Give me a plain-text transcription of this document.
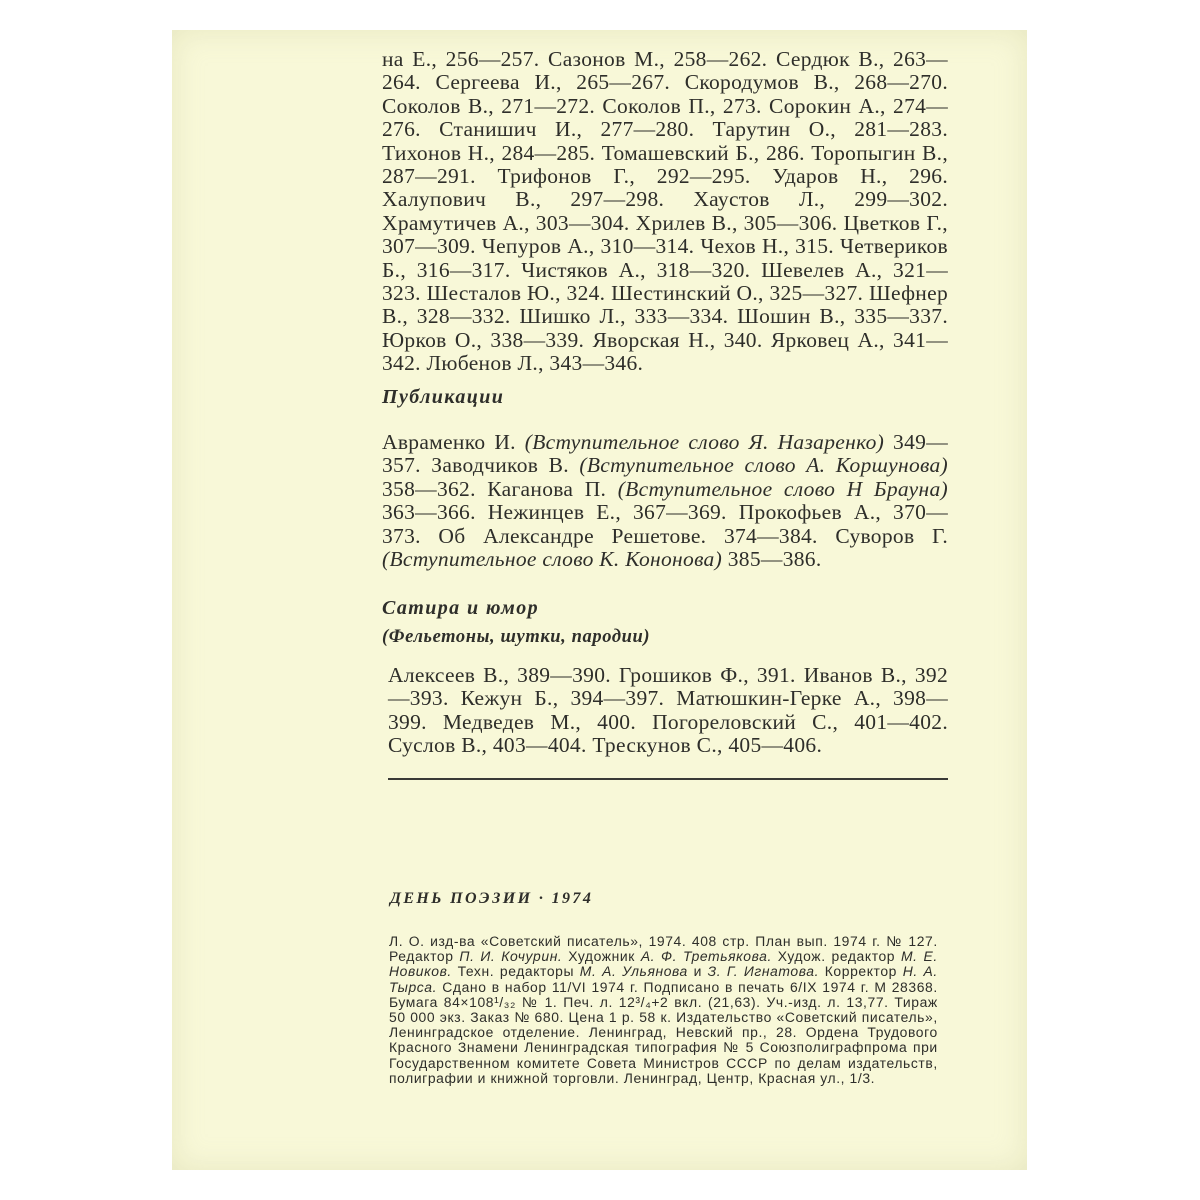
на Е., 256—257. Сазонов М., 258—262. Сердюк В., 263—264. Сергеева И., 265—267. Скородумов В., 268—270. Соколов В., 271—272. Соколов П., 273. Сорокин А., 274—276. Станишич И., 277—280. Тарутин О., 281—283. Тихонов Н., 284—285. Томашевский Б., 286. Торопыгин В., 287—291. Трифонов Г., 292—295. Ударов Н., 296. Халупович В., 297—298. Хаустов Л., 299—302. Храмутичев А., 303—304. Хрилев В., 305—306. Цветков Г., 307—309. Чепуров А., 310—314. Чехов Н., 315. Четвериков Б., 316—317. Чистяков А., 318—320. Шевелев А., 321—323. Шесталов Ю., 324. Шестинский О., 325—327. Шефнер В., 328—332. Шишко Л., 333—334. Шошин В., 335—337. Юрков О., 338—339. Яворская Н., 340. Ярковец А., 341—342. Любенов Л., 343—346.

Публикации

Авраменко И. (Вступительное слово Я. Назаренко) 349—357. Заводчиков В. (Вступительное слово А. Коршунова) 358—362. Каганова П. (Вступительное слово Н Брауна) 363—366. Нежинцев Е., 367—369. Прокофьев А., 370—373. Об Александре Решетове. 374—384. Суворов Г. (Вступительное слово К. Кононова) 385—386.

Сатира и юмор
(Фельетоны, шутки, пародии)

Алексеев В., 389—390. Грошиков Ф., 391. Иванов В., 392—393. Кежун Б., 394—397. Матюшкин-Герке А., 398—399. Медведев М., 400. Погореловский С., 401—402. Суслов В., 403—404. Трескунов С., 405—406.

ДЕНЬ ПОЭЗИИ · 1974

Л. О. изд-ва «Советский писатель», 1974. 408 стр. План вып. 1974 г. № 127. Редактор П. И. Кочурин. Художник А. Ф. Третьякова. Худож. редактор М. Е. Новиков. Техн. редакторы М. А. Ульянова и З. Г. Игнатова. Корректор Н. А. Тырса. Сдано в набор 11/VI 1974 г. Подписано в печать 6/IX 1974 г. М 28368. Бумага 84×108¹/₃₂ № 1. Печ. л. 12³/₄+2 вкл. (21,63). Уч.-изд. л. 13,77. Тираж 50 000 экз. Заказ № 680. Цена 1 р. 58 к. Издательство «Советский писатель», Ленинградское отделение. Ленинград, Невский пр., 28. Ордена Трудового Красного Знамени Ленинградская типография № 5 Союзполиграфпрома при Государственном комитете Совета Министров СССР по делам издательств, полиграфии и книжной торговли. Ленинград, Центр, Красная ул., 1/3.
